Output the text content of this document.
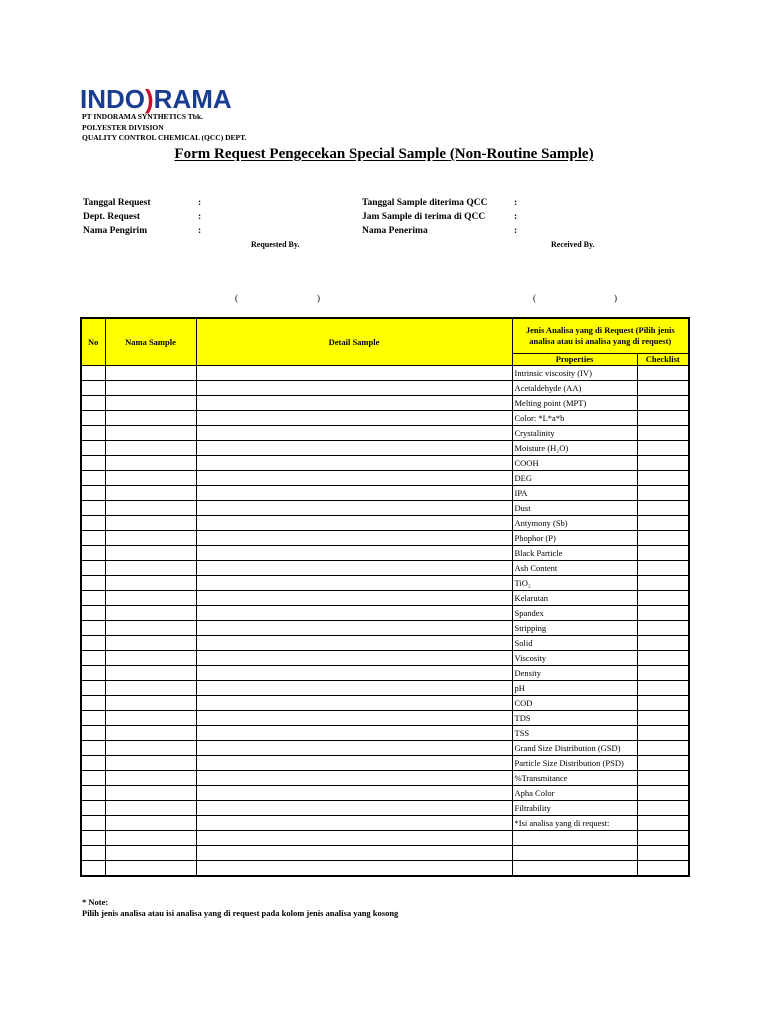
INDO)RAMA
PT INDORAMA SYNTHETICS Tbk.
POLYESTER DIVISION
QUALITY CONTROL CHEMICAL (QCC) DEPT.
Form Request Pengecekan Special Sample (Non-Routine Sample)
Tanggal Request	:
Dept. Request	:
Nama Pengirim	:
Tanggal Sample diterima QCC	:
Jam Sample di terima di QCC	:
Nama Penerima	:
Requested By.	Received By.
(	)	(	)
No	Nama Sample	Detail Sample	Jenis Analisa yang di Request (Pilih jenis analisa atau isi analisa yang di request)	
			Properties	Checklist
			Intrinsic viscosity (IV)	
			Acetaldehyde (AA)	
			Melting point (MPT)	
			Color: *L*a*b	
			Crystalinity	
			Moisture (H₂O)	
			COOH	
			DEG	
			IPA	
			Dust	
			Antymony (Sb)	
			Phophor (P)	
			Black Particle	
			Ash Content	
			TiO₂	
			Kelarutan	
			Spandex	
			Stripping	
			Solid	
			Viscosity	
			Density	
			pH	
			COD	
			TDS	
			TSS	
			Grand Size Distribution (GSD)	
			Particle Size Distribution (PSD)	
			%Transmitance	
			Apha Color	
			Filtrability	
			*Isi analisa yang di request:	

* Note:
Pilih jenis analisa atau isi analisa yang di request pada kolom jenis analisa yang kosong
